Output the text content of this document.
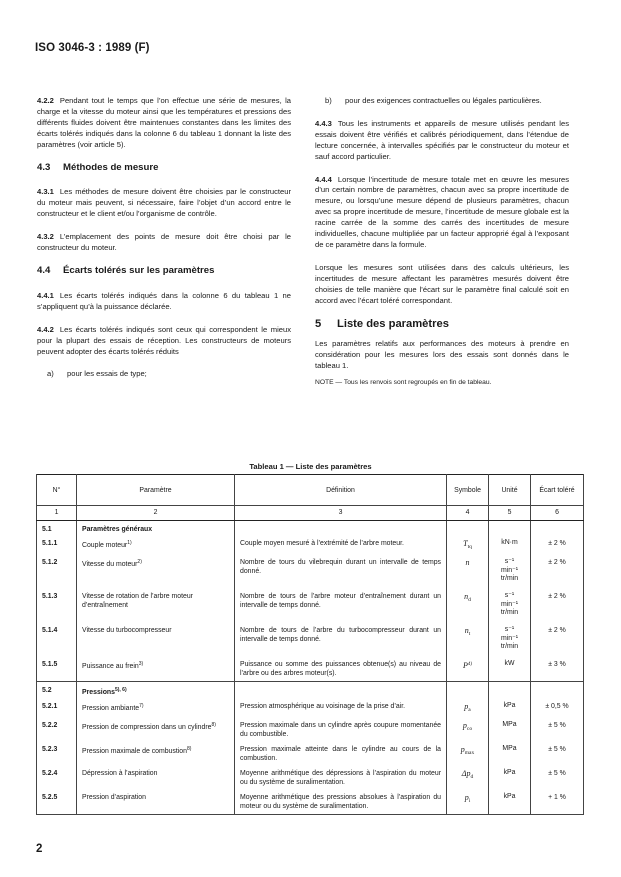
ISO 3046-3 : 1989 (F)

4.2.2 Pendant tout le temps que l’on effectue une série de mesures, la charge et la vitesse du moteur ainsi que les températures et pressions des différents fluides doivent être maintenues constantes dans les limites des écarts tolérés indiqués dans la colonne 6 du tableau 1 donnant la liste des paramètres (voir article 5).

4.3 Méthodes de mesure

4.3.1 Les méthodes de mesure doivent être choisies par le constructeur du moteur mais peuvent, si nécessaire, faire l’objet d’un accord entre le constructeur et le client et/ou l’organisme de contrôle.

4.3.2 L’emplacement des points de mesure doit être choisi par le constructeur du moteur.

4.4 Écarts tolérés sur les paramètres

4.4.1 Les écarts tolérés indiqués dans la colonne 6 du tableau 1 ne s’appliquent qu’à la puissance déclarée.

4.4.2 Les écarts tolérés indiqués sont ceux qui correspondent le mieux pour la plupart des essais de réception. Les constructeurs de moteurs peuvent adopter des écarts tolérés réduits

a)	pour les essais de type;
b)	pour des exigences contractuelles ou légales particulières.

4.4.3 Tous les instruments et appareils de mesure utilisés pendant les essais doivent être vérifiés et calibrés périodiquement, dans l’étendue de lecture concernée, à intervalles spécifiés par le constructeur du moteur et sauf accord particulier.

4.4.4 Lorsque l’incertitude de mesure totale met en œuvre les mesures d’un certain nombre de paramètres, chacun avec sa propre incertitude de mesure, ou lorsqu’une mesure dépend de plusieurs paramètres, chacun avec sa propre incertitude de mesure, l’incertitude de mesure globale est la racine carrée de la somme des carrés des incertitudes de mesure individuelles, chacune multipliée par un facteur approprié égal à l’exposant de ce paramètre dans la formule.

Lorsque les mesures sont utilisées dans des calculs ultérieurs, les incertitudes de mesure affectant les paramètres mesurés doivent être choisies de telle manière que l’écart sur le paramètre final calculé soit en accord avec l’écart toléré correspondant.

5 Liste des paramètres

Les paramètres relatifs aux performances des moteurs à prendre en considération pour les mesures lors des essais sont donnés dans le tableau 1.

NOTE — Tous les renvois sont regroupés en fin de tableau.
Tableau 1 — Liste des paramètres
N°	Paramètre	Définition	Symbole	Unité	Écart toléré
1	2	3	4	5	6
5.1	Paramètres généraux				
5.1.1	Couple moteur$^{1)}$	Couple moyen mesuré à l’extrémité de l’arbre moteur.	$T_{tq}$	kN·m	± 2 %
5.1.2	Vitesse du moteur$^{2)}$	Nombre de tours du vilebrequin durant un intervalle de temps donné.	n	s⁻¹
min⁻¹
tr/min	± 2 %
5.1.3	Vitesse de rotation de l’arbre moteur d’entraînement	Nombre de tours de l’arbre moteur d’entraînement durant un intervalle de temps donné.	$n_d$	s⁻¹
min⁻¹
tr/min	± 2 %
5.1.4	Vitesse du turbocompresseur	Nombre de tours de l’arbre du turbocompresseur durant un intervalle de temps donné.	$n_t$	s⁻¹
min⁻¹
tr/min	± 2 %
5.1.5	Puissance au frein$^{3)}$	Puissance ou somme des puissances obtenue(s) au niveau de l’arbre ou des arbres moteur(s).	$P^{4)}$	kW	± 3 %
5.2	Pressions$^{5), 6)}$				
5.2.1	Pression ambiante$^{7)}$	Pression atmosphérique au voisinage de la prise d’air.	$p_a$	kPa	± 0,5 %
5.2.2	Pression de compression dans un cylindre$^{8)}$	Pression maximale dans un cylindre après coupure momentanée du combustible.	$p_{co}$	MPa	± 5 %
5.2.3	Pression maximale de combustion$^{8)}$	Pression maximale atteinte dans le cylindre au cours de la combustion.	$p_{max}$	MPa	± 5 %
5.2.4	Dépression à l’aspiration	Moyenne arithmétique des dépressions à l’aspiration du moteur ou du système de suralimentation.	$\Delta p_d$	kPa	± 5 %
5.2.5	Pression d’aspiration	Moyenne arithmétique des pressions absolues à l’aspiration du moteur ou du système de suralimentation.	$p_i$	kPa	+ 1 %
2
